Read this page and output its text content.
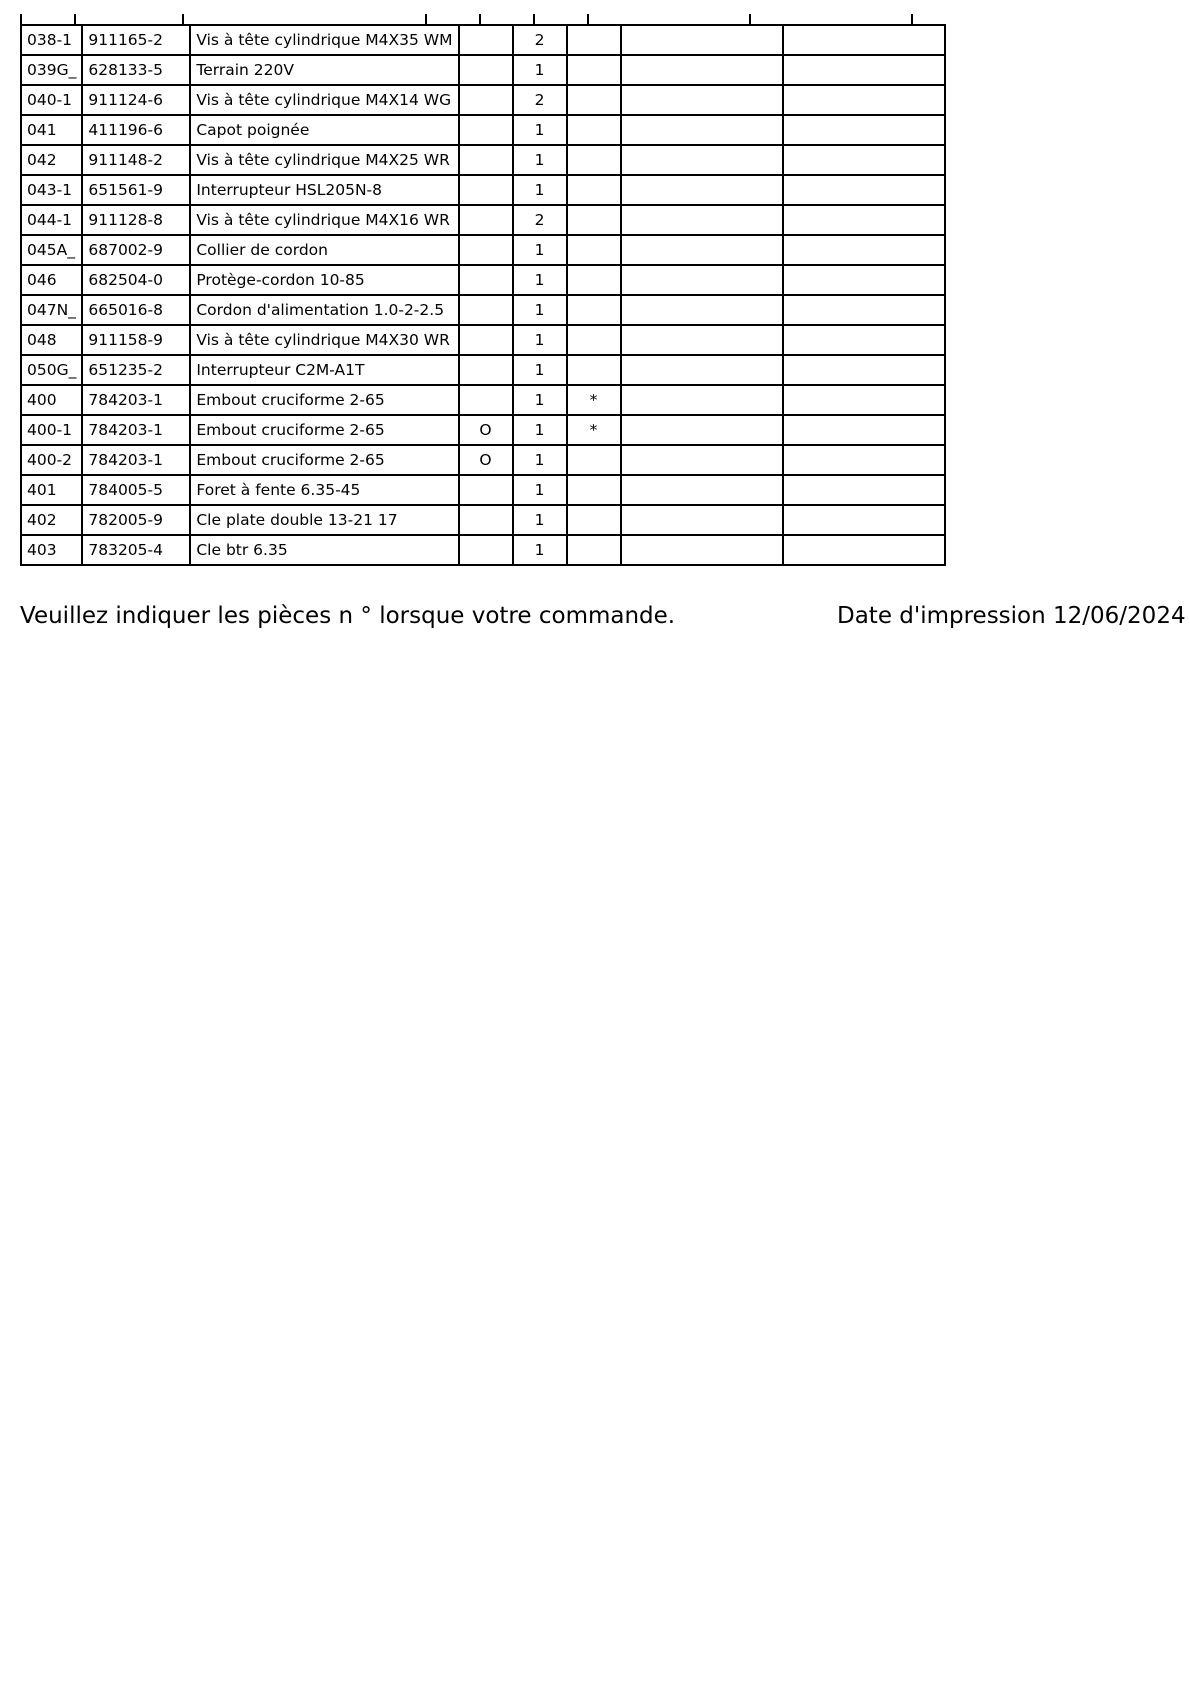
038-1	911165-2	Vis à tête cylindrique M4X35 WM		2			
039G_	628133-5	Terrain 220V		1			
040-1	911124-6	Vis à tête cylindrique M4X14 WG		2			
041	411196-6	Capot poignée		1			
042	911148-2	Vis à tête cylindrique M4X25 WR		1			
043-1	651561-9	Interrupteur HSL205N-8		1			
044-1	911128-8	Vis à tête cylindrique M4X16 WR		2			
045A_	687002-9	Collier de cordon		1			
046	682504-0	Protège-cordon 10-85		1			
047N_	665016-8	Cordon d'alimentation 1.0-2-2.5		1			
048	911158-9	Vis à tête cylindrique M4X30 WR		1			
050G_	651235-2	Interrupteur C2M-A1T		1			
400	784203-1	Embout cruciforme 2-65		1	*		
400-1	784203-1	Embout cruciforme 2-65	O	1	*		
400-2	784203-1	Embout cruciforme 2-65	O	1			
401	784005-5	Foret à fente 6.35-45		1			
402	782005-9	Cle plate double 13-21 17		1			
403	783205-4	Cle btr 6.35		1			
Veuillez indiquer les pièces n ° lorsque votre commande.	Date d'impression 12/06/2024
